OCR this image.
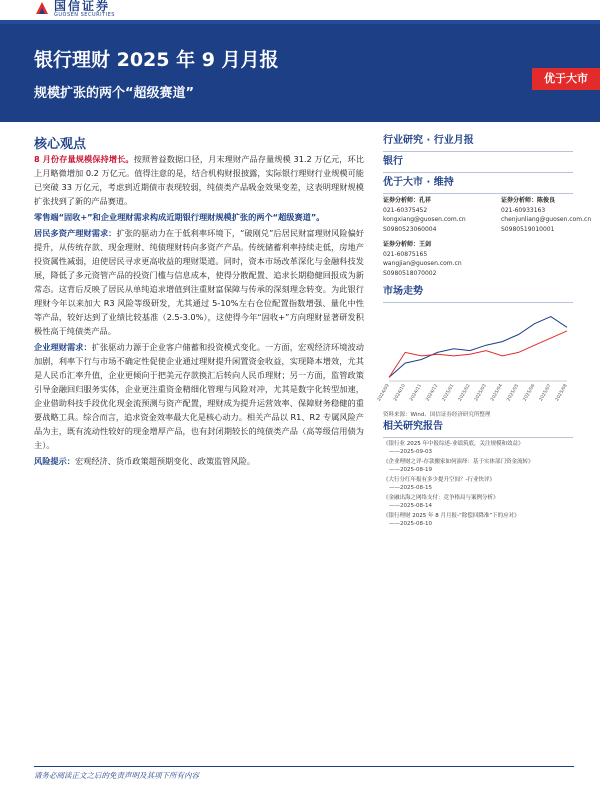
国信证券
GUOSEN SECURITIES
银行理财 2025 年 9 月月报
规模扩张的两个“超级赛道”
优于大市
核心观点

8 月份存量规模保持增长。按照普益数据口径，月末理财产品存量规模 31.2 万亿元，环比上月略微增加 0.2 万亿元。值得注意的是，结合机构财报披露，实际银行理财行业规模可能已突破 33 万亿元，考虑到近期债市表现较弱，纯债类产品吸金效果变差，这表明理财规模扩张找到了新的产品赛道。

零售端“固收+”和企业理财需求构成近期银行理财规模扩张的两个“超级赛道”。

居民多资产理财需求：扩张的驱动力在于低利率环境下，“破刚兑”后居民财富理财风险偏好提升，从传统存款、现金理财、纯债理财转向多资产产品。传统储蓄利率持续走低，房地产投资属性减弱，迫使居民寻求更高收益的理财渠道。同时，资本市场改革深化与金融科技发展，降低了多元资管产品的投资门槛与信息成本，使得分散配置、追求长期稳健回报成为新常态。这背后反映了居民从单纯追求增值到注重财富保障与传承的深刻理念转变。为此银行理财今年以来加大 R3 风险等级研发，尤其通过 5-10%左右仓位配置指数增强、量化中性等产品，较好达到了业绩比较基准（2.5-3.0%），这使得今年“固收+”方向理财显著研发积极性高于纯债类产品。

企业理财需求：扩张驱动力源于企业客户储蓄和投资模式变化。一方面，宏观经济环境波动加剧，利率下行与市场不确定性促使企业通过理财提升闲置资金收益，实现降本增效，尤其是人民币汇率升值，企业更倾向于把美元存款换汇后转向人民币理财；另一方面，监管政策引导金融回归服务实体，企业更注重资金精细化管理与风险对冲，尤其是数字化转型加速，企业借助科技手段优化现金流预测与资产配置，理财成为提升运营效率、保障财务稳健的重要战略工具。综合而言，追求资金效率最大化是核心动力。相关产品以 R1、R2 专属风险产品为主，既有流动性较好的现金增厚产品，也有封闭期较长的纯债类产品（高等级信用债为主）。

风险提示：宏观经济、货币政策超预期变化、政策监管风险。

行业研究 · 行业月报
银行
优于大市 · 维持
证券分析师：孔祥
021-60375452
kongxiang@guosen.com.cn
S0980523060004
证券分析师：陈俊良
021-60933163
chenjunliang@guosen.com.cn
S0980519010001
证券分析师：王剑
021-60875165
wangjian@guosen.com.cn
S0980518070002
市场走势
2024/09 2024/10 2024/11 2024/12 2025/01 2025/02 2025/03 2025/04 2025/05 2025/06 2025/07 2025/08
资料来源：Wind、国信证券经济研究所整理
相关研究报告
《银行业 2025 年中报综述-业绩筑底，关注规模和效益》
——2025-09-03
《企业理财之评-存款搬家如何演绎：基于实体部门资金流转》
——2025-08-19
《大行分红年报有多少提升空间？-行业快评》
——2025-08-15
《金融出海之网络支付：竞争格局与案例分析》
——2025-08-14
《银行理财 2025 年 8 月月报-“除偿回降准”下的应对》
——2025-08-10
请务必阅读正文之后的免责声明及其项下所有内容
